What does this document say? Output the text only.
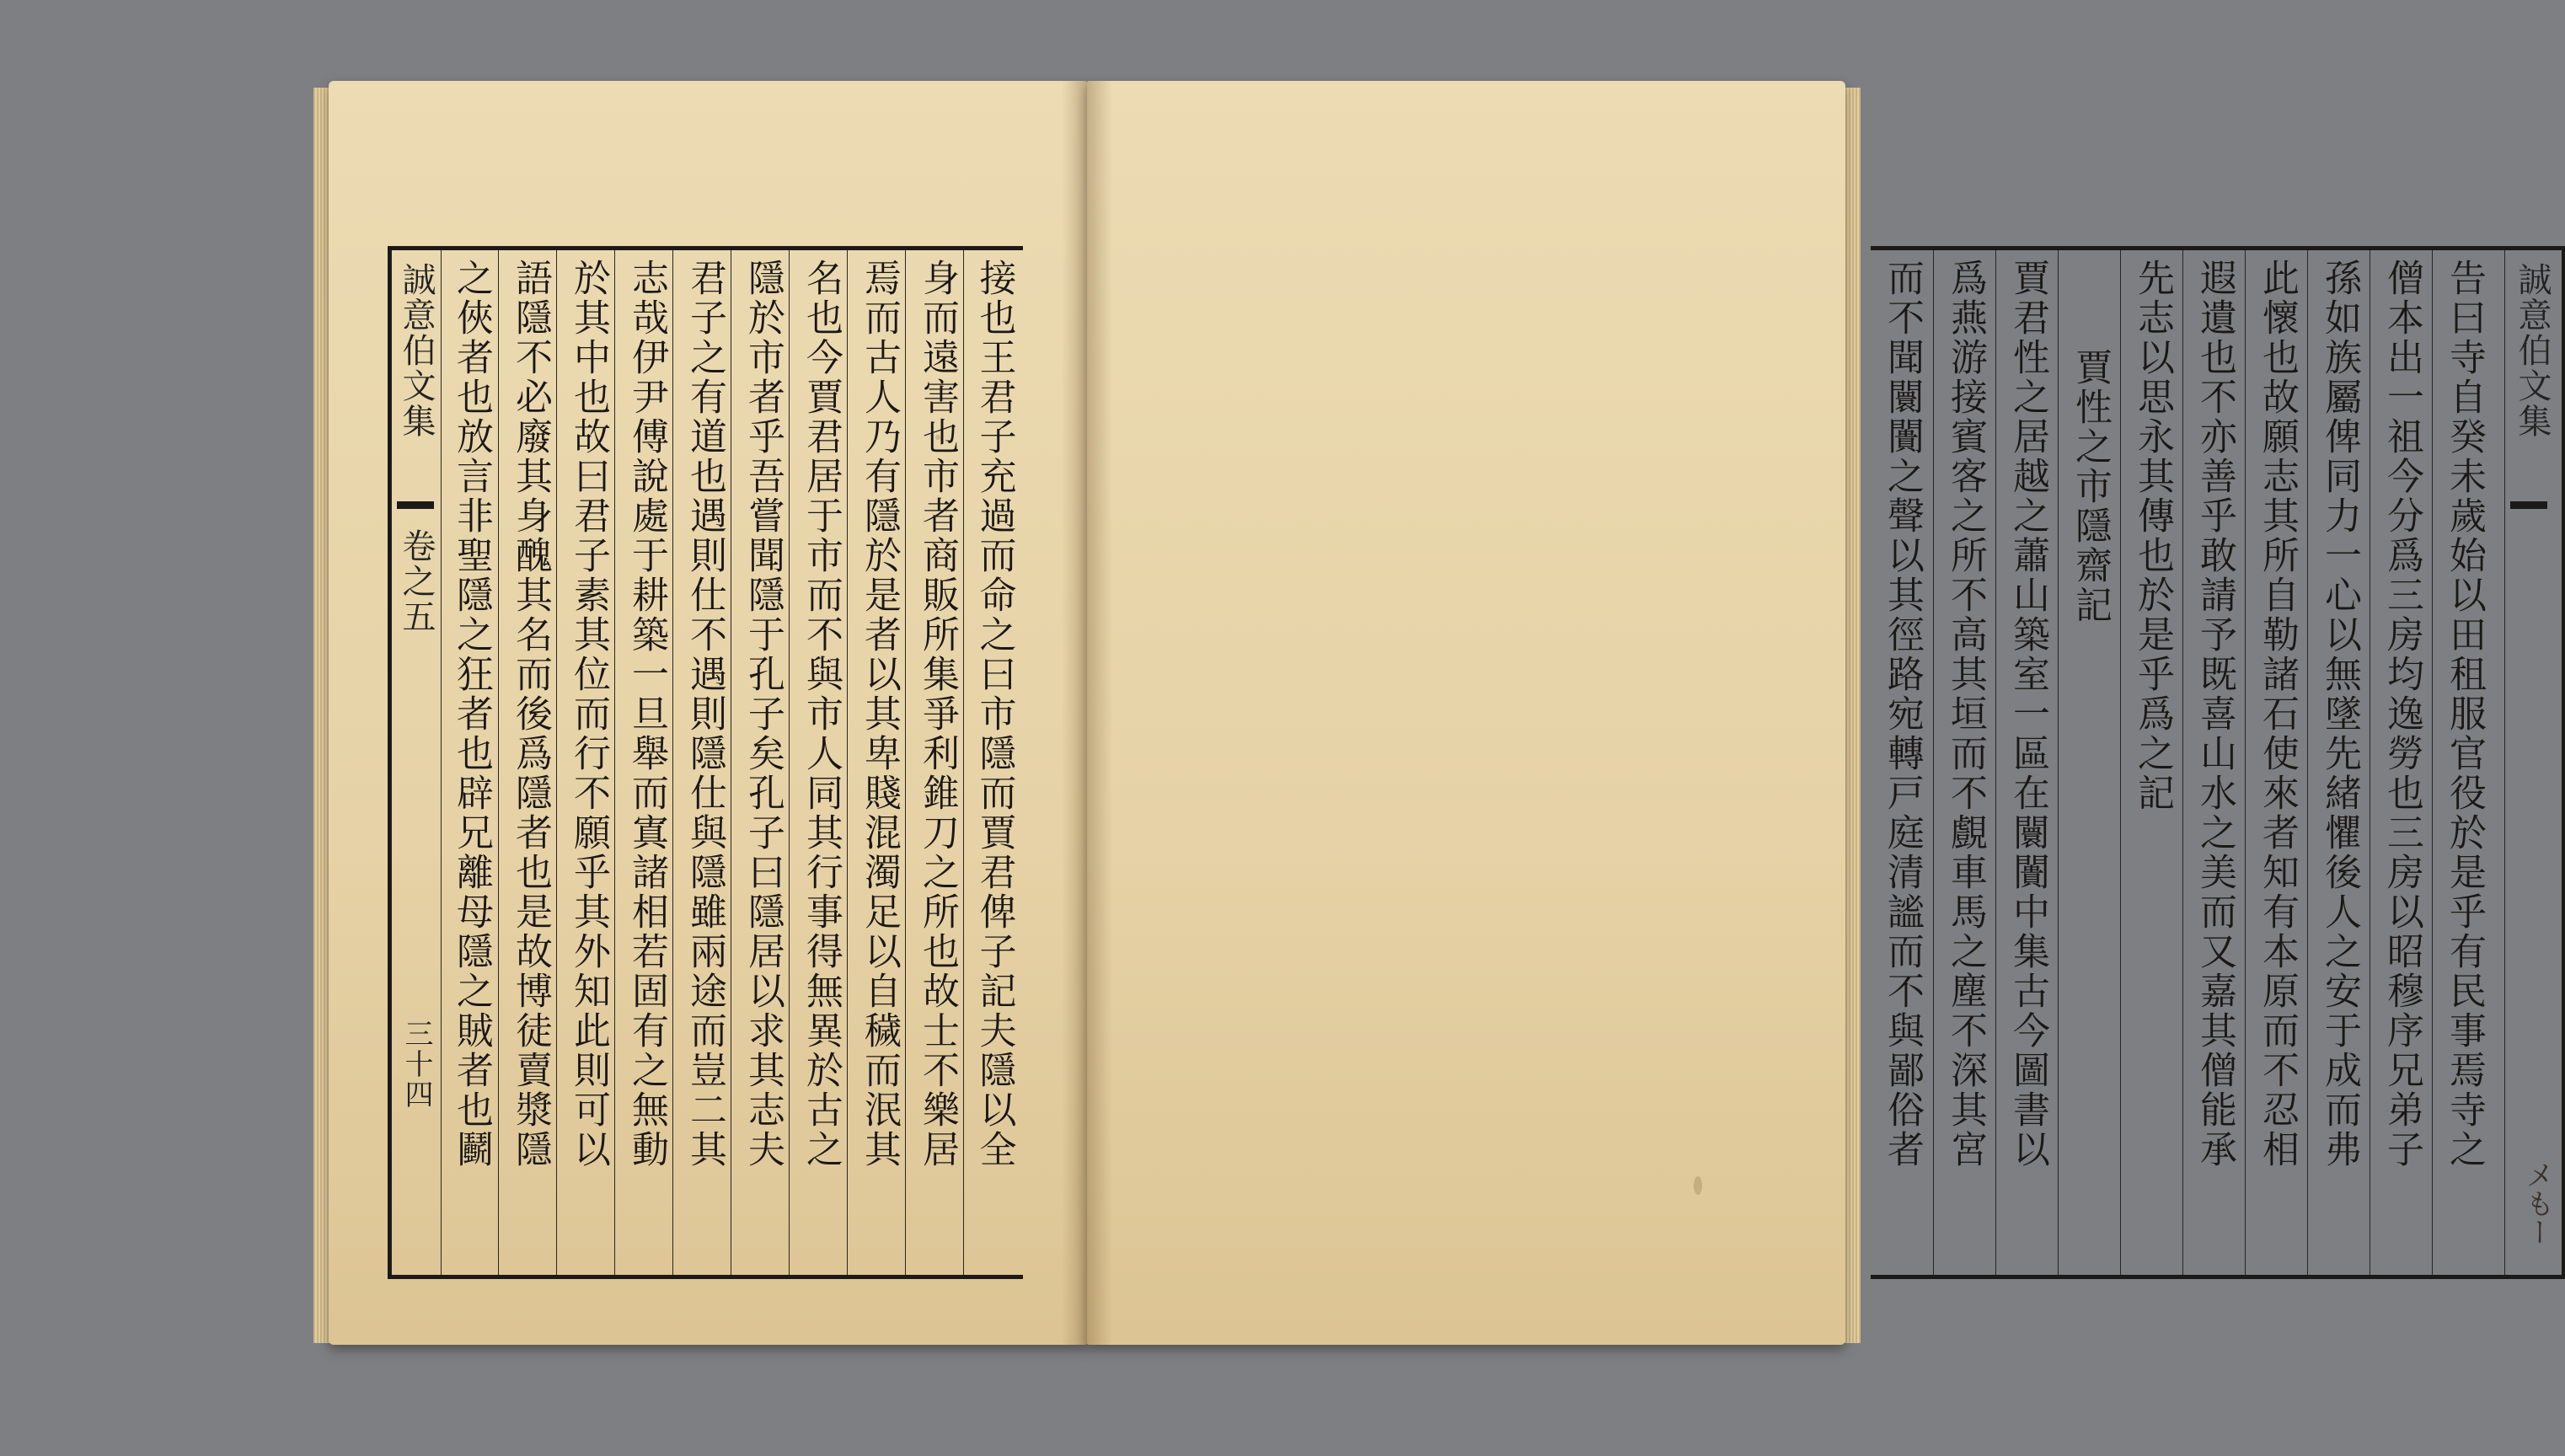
誠意伯文集
卷之五
三十四 之俠者也放言非聖隱之狂者也辟兄離母隱之賊者也鬬 語隱不必廢其身醜其名而後爲隱者也是故博徒賣漿隱 於其中也故曰君子素其位而行不願乎其外知此則可以 志哉伊尹傅說處于耕築一旦舉而寘諸相若固有之無動 君子之有道也遇則仕不遇則隱仕與隱雖兩途而豈二其 隱於市者乎吾嘗聞隱于孔子矣孔子曰隱居以求其志夫 名也今賈君居于市而不與市人同其行事得無異於古之 焉而古人乃有隱於是者以其卑賤混濁足以自穢而泯其 身而遠害也市者商販所集爭利錐刀之所也故士不樂居 接也王君子充過而命之曰市隱而賈君俾子記夫隱以全	而不聞闤闠之聲以其徑路宛轉戸庭清謐而不與鄙俗者 爲燕游接賓客之所不高其垣而不覻車馬之塵不深其宮 賈君性之居越之蕭山築室一區在闤闠中集古今圖書以 賈性之市隱齋記 先志以思永其傳也於是乎爲之記 遐遺也不亦善乎敢請予既喜山水之美而又嘉其僧能承 此懷也故願志其所自勒諸石使來者知有本原而不忍相 孫如族屬俾同力一心以無墜先緒懼後人之安于成而弗 僧本出一祖今分爲三房均逸勞也三房以昭穆序兄弟子 告曰寺自癸未歲始以田租服官役於是乎有民事焉寺之 誠意伯文集
メもー
